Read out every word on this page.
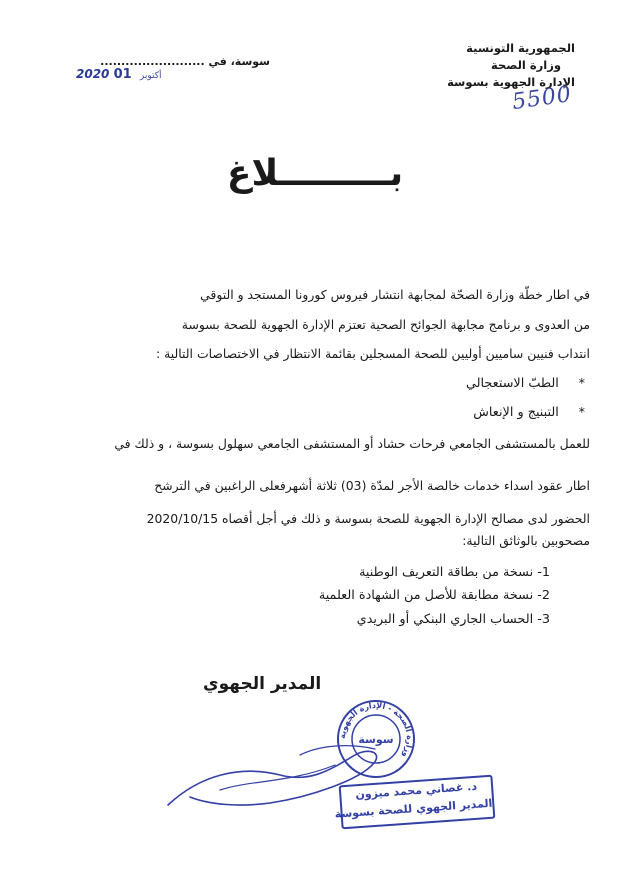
الجمهورية التونسية
وزارة الصحة
الإدارة الجهوية بسوسة
5500
سوسة، في .........................
2020	أكتوبر 01
بـــــــــلاغ
في اطار خطّة وزارة الصحّة لمجابهة انتشار فيروس كورونا المستجد و التوقي
من العدوى و برنامج مجابهة الجوائح الصحية تعتزم الإدارة الجهوية للصحة بسوسة
انتداب فنيين ساميين أوليين للصحة المسجلين بقائمة الانتظار في الاختصاصات التالية :
*  الطبّ الاستعجالي
*  التبنيج و الإنعاش
للعمل بالمستشفى الجامعي فرحات حشاد أو المستشفى الجامعي سهلول بسوسة ، و ذلك في
اطار عقود اسداء خدمات خالصة الأجر لمدّة (03) ثلاثة أشهرفعلى الراغبين في الترشح
الحضور لدى مصالح الإدارة الجهوية للصحة بسوسة و ذلك في أجل أقصاه 2020/10/15
مصحوبين بالوثائق التالية:
1- نسخة من بطاقة التعريف الوطنية
2- نسخة مطابقة للأصل من الشهادة العلمية
3- الحساب الجاري البنكي أو البريدي
المدير الجهوي
وزارة الصحة - الإدارة الجهوية
سوسة
د. غصاني محمد ميزون
المدير الجهوي للصحة بسوسة
